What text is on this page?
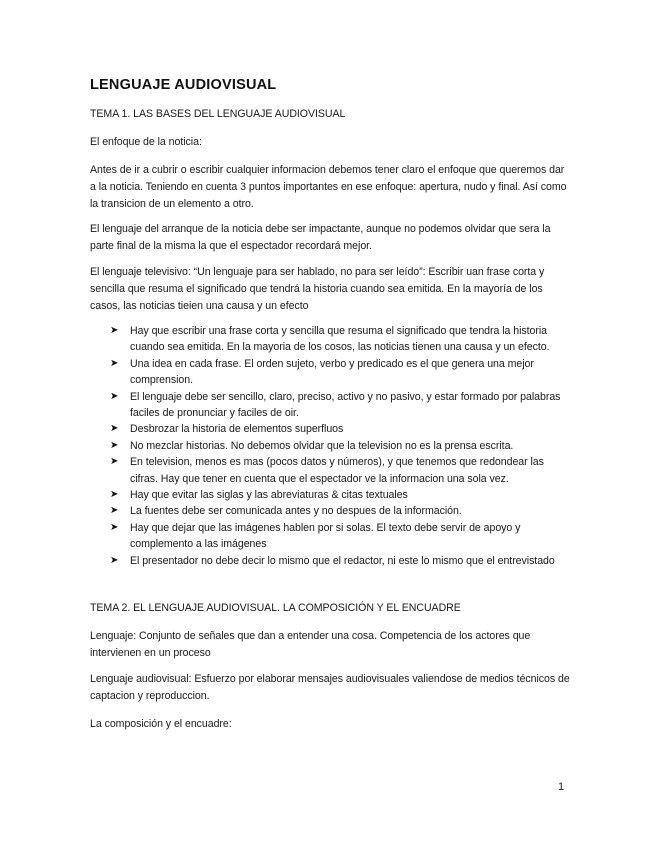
LENGUAJE AUDIOVISUAL

TEMA 1. LAS BASES DEL LENGUAJE AUDIOVISUAL

El enfoque de la noticia:

Antes de ir a cubrir o escribir cualquier informacion debemos tener claro el enfoque que queremos dar a la noticia. Teniendo en cuenta 3 puntos importantes en ese enfoque: apertura, nudo y final. Así como la transicion de un elemento a otro.

El lenguaje del arranque de la noticia debe ser impactante, aunque no podemos olvidar que sera la parte final de la misma la que el espectador recordará mejor.

El lenguaje televisivo: “Un lenguaje para ser hablado, no para ser leído”: Escribir uan frase corta y sencilla que resuma el significado que tendrá la historia cuando sea emitida. En la mayoría de los casos, las noticias tieien una causa y un efecto

➤ Hay que escribir una frase corta y sencilla que resuma el significado que tendra la historia cuando sea emitida. En la mayoria de los cosos, las noticias tienen una causa y un efecto.
➤ Una idea en cada frase. El orden sujeto, verbo y predicado es el que genera una mejor comprension.
➤ El lenguaje debe ser sencillo, claro, preciso, activo y no pasivo, y estar formado por palabras faciles de pronunciar y faciles de oir.
➤ Desbrozar la historia de elementos superfluos
➤ No mezclar historias. No debemos olvidar que la television no es la prensa escrita.
➤ En television, menos es mas (pocos datos y números), y que tenemos que redondear las cifras. Hay que tener en cuenta que el espectador ve la informacion una sola vez.
➤ Hay que evitar las siglas y las abreviaturas & citas textuales
➤ La fuentes debe ser comunicada antes y no despues de la información.
➤ Hay que dejar que las imágenes hablen por si solas. El texto debe servir de apoyo y complemento a las imágenes
➤ El presentador no debe decir lo mismo que el redactor, ni este lo mismo que el entrevistado

TEMA 2. EL LENGUAJE AUDIOVISUAL. LA COMPOSICIÓN Y EL ENCUADRE

Lenguaje: Conjunto de señales que dan a entender una cosa. Competencia de los actores que intervienen en un proceso

Lenguaje audiovisual: Esfuerzo por elaborar mensajes audiovisuales valiendose de medios técnicos de captacion y reproduccion.

La composición y el encuadre:

1
